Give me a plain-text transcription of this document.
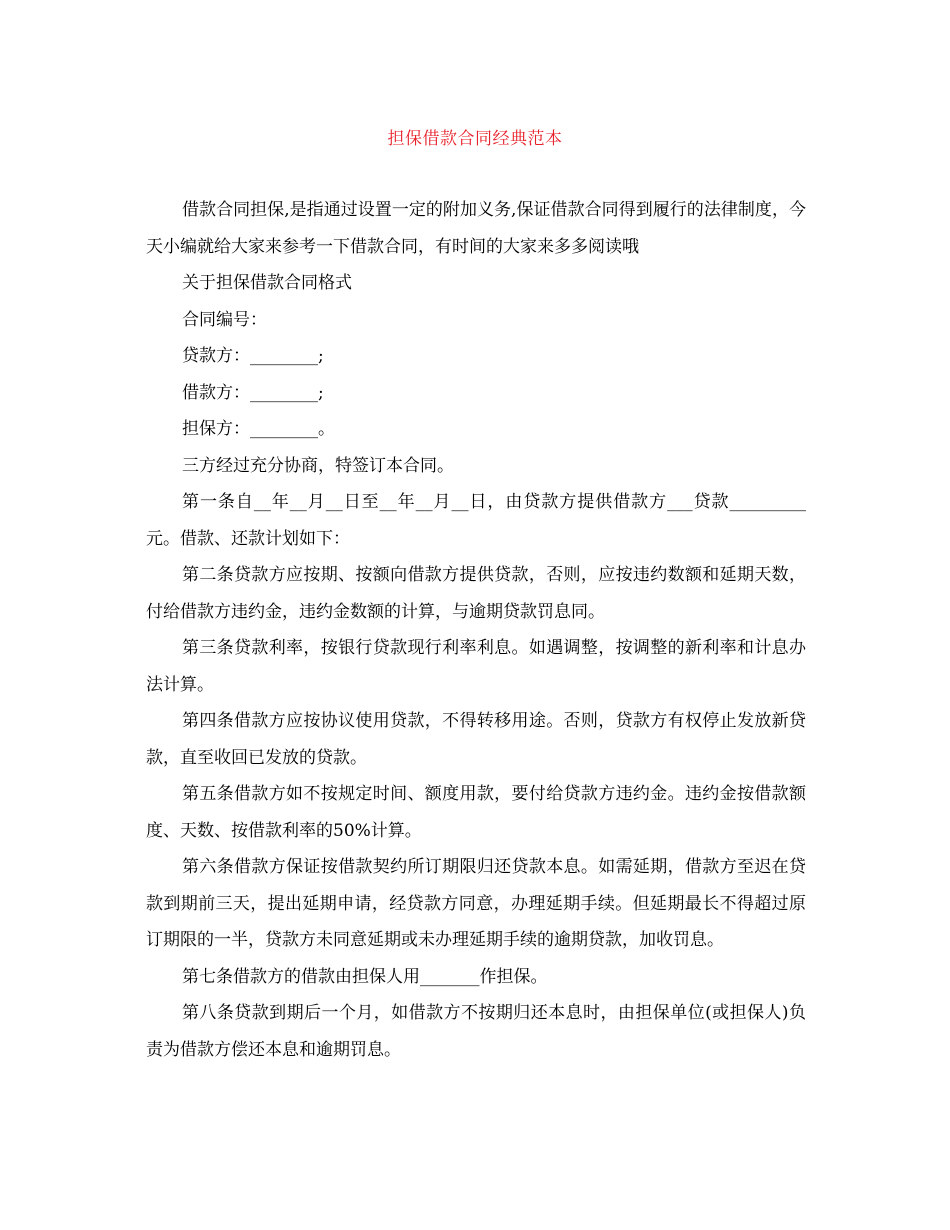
担保借款合同经典范本

借款合同担保,是指通过设置一定的附加义务,保证借款合同得到履行的法律制度，今天小编就给大家来参考一下借款合同，有时间的大家来多多阅读哦

关于担保借款合同格式

合同编号：

贷款方：________;

借款方：________;

担保方：________。

三方经过充分协商，特签订本合同。

第一条自__年__月__日至__年__月__日，由贷款方提供借款方___贷款_________元。借款、还款计划如下：

第二条贷款方应按期、按额向借款方提供贷款，否则，应按违约数额和延期天数，付给借款方违约金，违约金数额的计算，与逾期贷款罚息同。

第三条贷款利率，按银行贷款现行利率利息。如遇调整，按调整的新利率和计息办法计算。

第四条借款方应按协议使用贷款，不得转移用途。否则，贷款方有权停止发放新贷款，直至收回已发放的贷款。

第五条借款方如不按规定时间、额度用款，要付给贷款方违约金。违约金按借款额度、天数、按借款利率的50%计算。

第六条借款方保证按借款契约所订期限归还贷款本息。如需延期，借款方至迟在贷款到期前三天，提出延期申请，经贷款方同意，办理延期手续。但延期最长不得超过原订期限的一半，贷款方未同意延期或未办理延期手续的逾期贷款，加收罚息。

第七条借款方的借款由担保人用_______作担保。

第八条贷款到期后一个月，如借款方不按期归还本息时，由担保单位(或担保人)负责为借款方偿还本息和逾期罚息。
